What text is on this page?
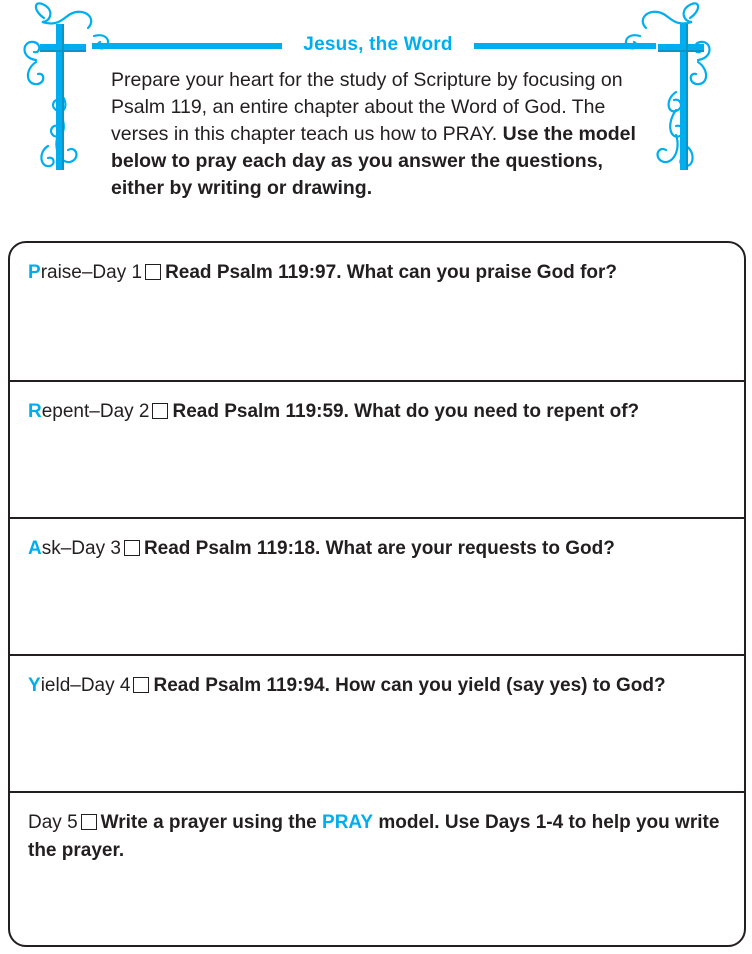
Jesus, the Word
Prepare your heart for the study of Scripture by focusing on Psalm 119, an entire chapter about the Word of God. The verses in this chapter teach us how to PRAY. Use the model below to pray each day as you answer the questions, either by writing or drawing.
Praise–Day 1 Read Psalm 119:97. What can you praise God for?
Repent–Day 2 Read Psalm 119:59. What do you need to repent of?
Ask–Day 3 Read Psalm 119:18. What are your requests to God?
Yield–Day 4 Read Psalm 119:94. How can you yield (say yes) to God?
Day 5 Write a prayer using the PRAY model. Use Days 1-4 to help you write the prayer.
